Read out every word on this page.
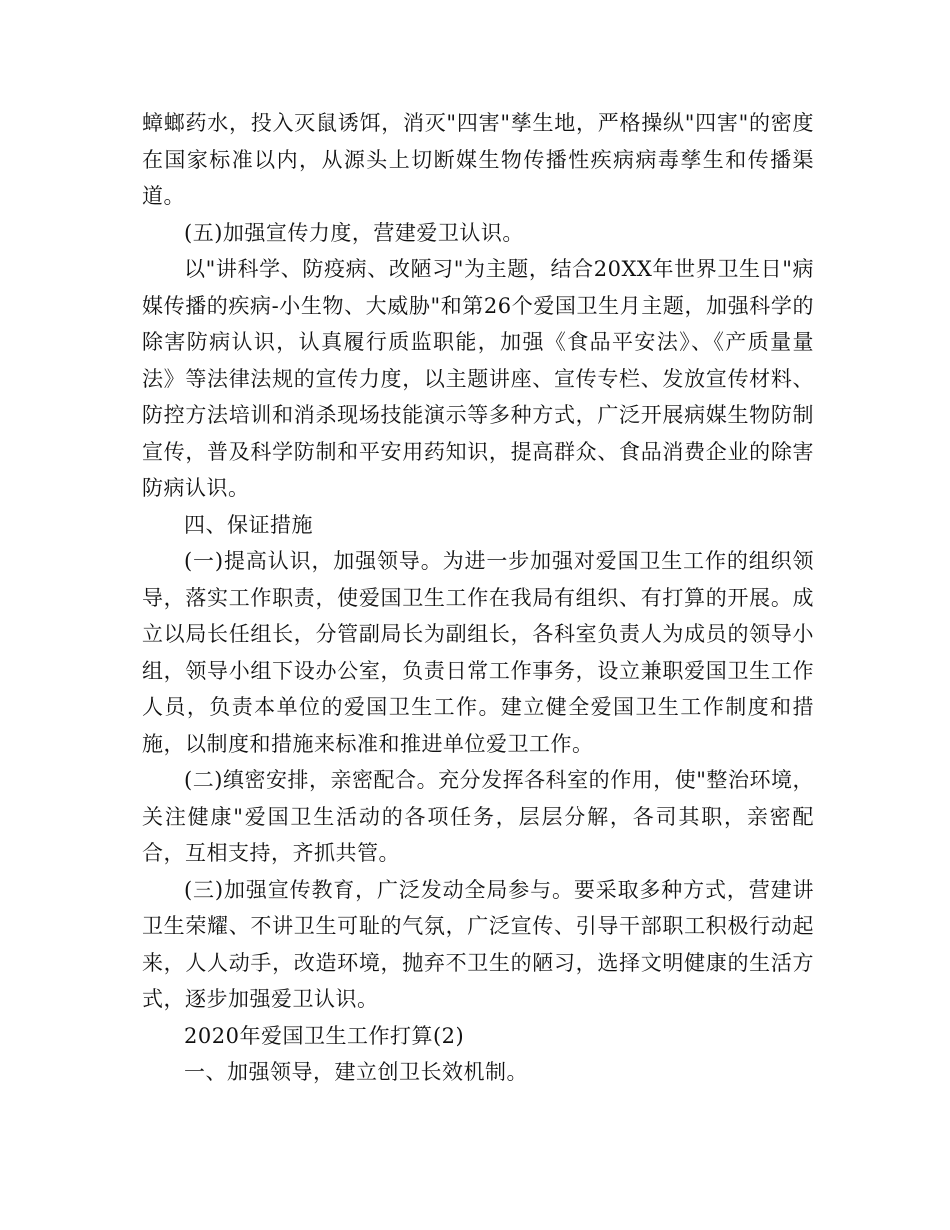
蟑螂药水，投入灭鼠诱饵，消灭"四害"孳生地，严格操纵"四害"的密度在国家标准以内，从源头上切断媒生物传播性疾病病毒孳生和传播渠道。

(五)加强宣传力度，营建爱卫认识。

以"讲科学、防疫病、改陋习"为主题，结合20XX年世界卫生日"病媒传播的疾病-小生物、大威胁"和第26个爱国卫生月主题，加强科学的除害防病认识，认真履行质监职能，加强《食品平安法》、《产质量量法》等法律法规的宣传力度，以主题讲座、宣传专栏、发放宣传材料、防控方法培训和消杀现场技能演示等多种方式，广泛开展病媒生物防制宣传，普及科学防制和平安用药知识，提高群众、食品消费企业的除害防病认识。

四、保证措施

(一)提高认识，加强领导。为进一步加强对爱国卫生工作的组织领导，落实工作职责，使爱国卫生工作在我局有组织、有打算的开展。成立以局长任组长，分管副局长为副组长，各科室负责人为成员的领导小组，领导小组下设办公室，负责日常工作事务，设立兼职爱国卫生工作人员，负责本单位的爱国卫生工作。建立健全爱国卫生工作制度和措施，以制度和措施来标准和推进单位爱卫工作。

(二)缜密安排，亲密配合。充分发挥各科室的作用，使"整治环境，关注健康"爱国卫生活动的各项任务，层层分解，各司其职，亲密配合，互相支持，齐抓共管。

(三)加强宣传教育，广泛发动全局参与。要采取多种方式，营建讲卫生荣耀、不讲卫生可耻的气氛，广泛宣传、引导干部职工积极行动起来，人人动手，改造环境，抛弃不卫生的陋习，选择文明健康的生活方式，逐步加强爱卫认识。

2020年爱国卫生工作打算(2)

一、加强领导，建立创卫长效机制。
